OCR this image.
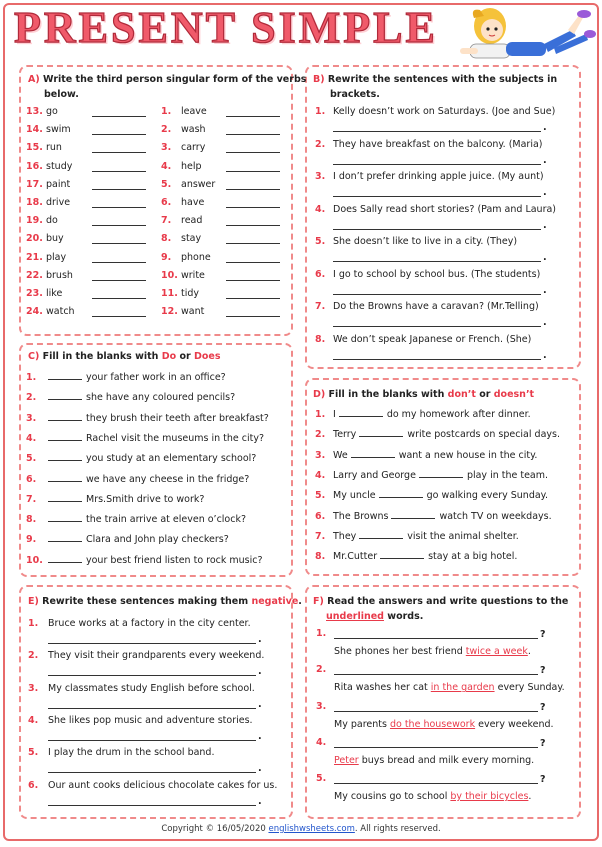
PRESENT SIMPLE
A) Write the third person singular form of the verbs
below.
13. go	1. leave
14. swim	2. wash
15. run	3. carry
16. study	4. help
17. paint	5. answer
18. drive	6. have
19. do	7. read
20. buy	8. stay
21. play	9. phone
22. brush	10. write
23. like	11. tidy
24. watch	12. want
B) Rewrite the sentences with the subjects in
brackets.
1. Kelly doesn’t work on Saturdays. (Joe and Sue)
.
2. They have breakfast on the balcony. (Maria)
.
3. I don’t prefer drinking apple juice. (My aunt)
.
4. Does Sally read short stories? (Pam and Laura)
.
5. She doesn’t like to live in a city. (They)
.
6. I go to school by school bus. (The students)
.
7. Do the Browns have a caravan? (Mr.Telling)
.
8. We don’t speak Japanese or French. (She)
.
C) Fill in the blanks with Do or Does
1.	your father work in an office?
2.	she have any coloured pencils?
3.	they brush their teeth after breakfast?
4.	Rachel visit the museums in the city?
5.	you study at an elementary school?
6.	we have any cheese in the fridge?
7.	Mrs.Smith drive to work?
8.	the train arrive at eleven o’clock?
9.	Clara and John play checkers?
10.	your best friend listen to rock music?
D) Fill in the blanks with don’t or doesn’t
1. I	do my homework after dinner.
2. Terry	write postcards on special days.
3. We	want a new house in the city.
4. Larry and George	play in the team.
5. My uncle	go walking every Sunday.
6. The Browns	watch TV on weekdays.
7. They	visit the animal shelter.
8. Mr.Cutter	stay at a big hotel.
E) Rewrite these sentences making them negative.
1. Bruce works at a factory in the city center.
.
2. They visit their grandparents every weekend.
.
3. My classmates study English before school.
.
4. She likes pop music and adventure stories.
.
5. I play the drum in the school band.
.
6. Our aunt cooks delicious chocolate cakes for us.
.
F) Read the answers and write questions to the
underlined words.
1.	?
She phones her best friend twice a week.
2.	?
Rita washes her cat in the garden every Sunday.
3.	?
My parents do the housework every weekend.
4.	?
Peter buys bread and milk every morning.
5.	?
My cousins go to school by their bicycles.
Copyright © 16/05/2020 englishwsheets.com. All rights reserved.
